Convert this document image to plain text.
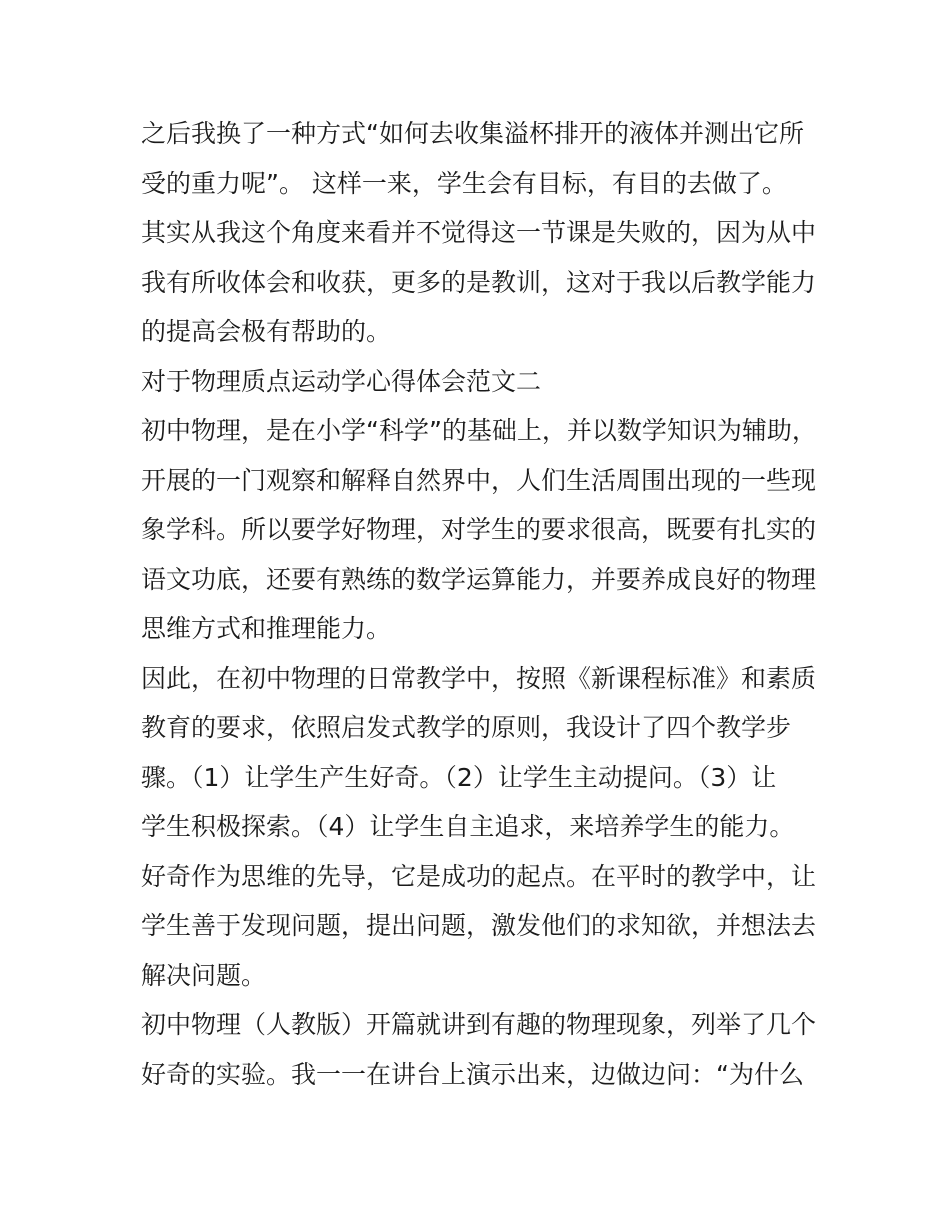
之后我换了一种方式“如何去收集溢杯排开的液体并测出它所
受的重力呢”。 这样一来，学生会有目标，有目的去做了。
其实从我这个角度来看并不觉得这一节课是失败的，因为从中
我有所收体会和收获，更多的是教训，这对于我以后教学能力
的提高会极有帮助的。
对于物理质点运动学心得体会范文二
初中物理，是在小学“科学”的基础上，并以数学知识为辅助，
开展的一门观察和解释自然界中，人们生活周围出现的一些现
象学科。所以要学好物理，对学生的要求很高，既要有扎实的
语文功底，还要有熟练的数学运算能力，并要养成良好的物理
思维方式和推理能力。
因此，在初中物理的日常教学中，按照《新课程标准》和素质
教育的要求，依照启发式教学的原则，我设计了四个教学步
骤。（1）让学生产生好奇。（2）让学生主动提问。（3）让
学生积极探索。（4）让学生自主追求，来培养学生的能力。
好奇作为思维的先导，它是成功的起点。在平时的教学中，让
学生善于发现问题，提出问题，激发他们的求知欲，并想法去
解决问题。
初中物理（人教版）开篇就讲到有趣的物理现象，列举了几个
好奇的实验。我一一在讲台上演示出来，边做边问：“为什么
